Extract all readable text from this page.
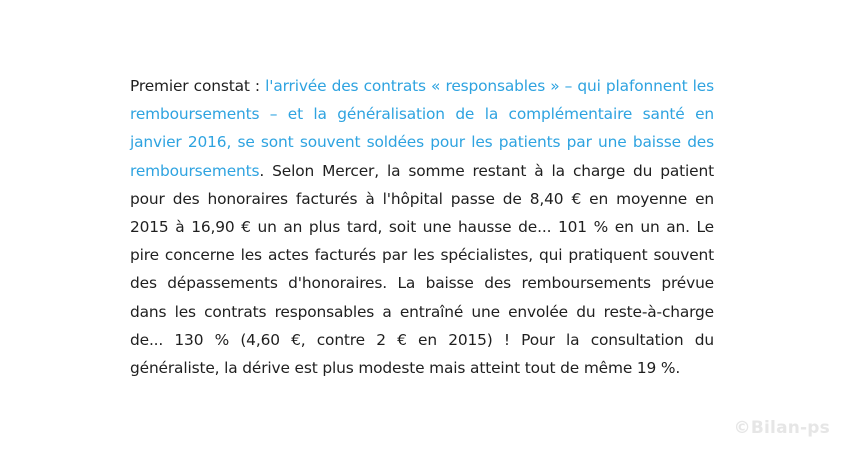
Premier constat : l'arrivée des contrats « responsables » – qui plafonnent les remboursements – et la généralisation de la complémentaire santé en janvier 2016, se sont souvent soldées pour les patients par une baisse des remboursements. Selon Mercer, la somme restant à la charge du patient pour des honoraires facturés à l'hôpital passe de 8,40 € en moyenne en 2015 à 16,90 € un an plus tard, soit une hausse de... 101 % en un an. Le pire concerne les actes facturés par les spécialistes, qui pratiquent souvent des dépassements d'honoraires. La baisse des remboursements prévue dans les contrats responsables a entraîné une envolée du reste-à-charge de... 130 % (4,60 €, contre 2 € en 2015) ! Pour la consultation du généraliste, la dérive est plus modeste mais atteint tout de même 19 %.

©Bilan-ps
